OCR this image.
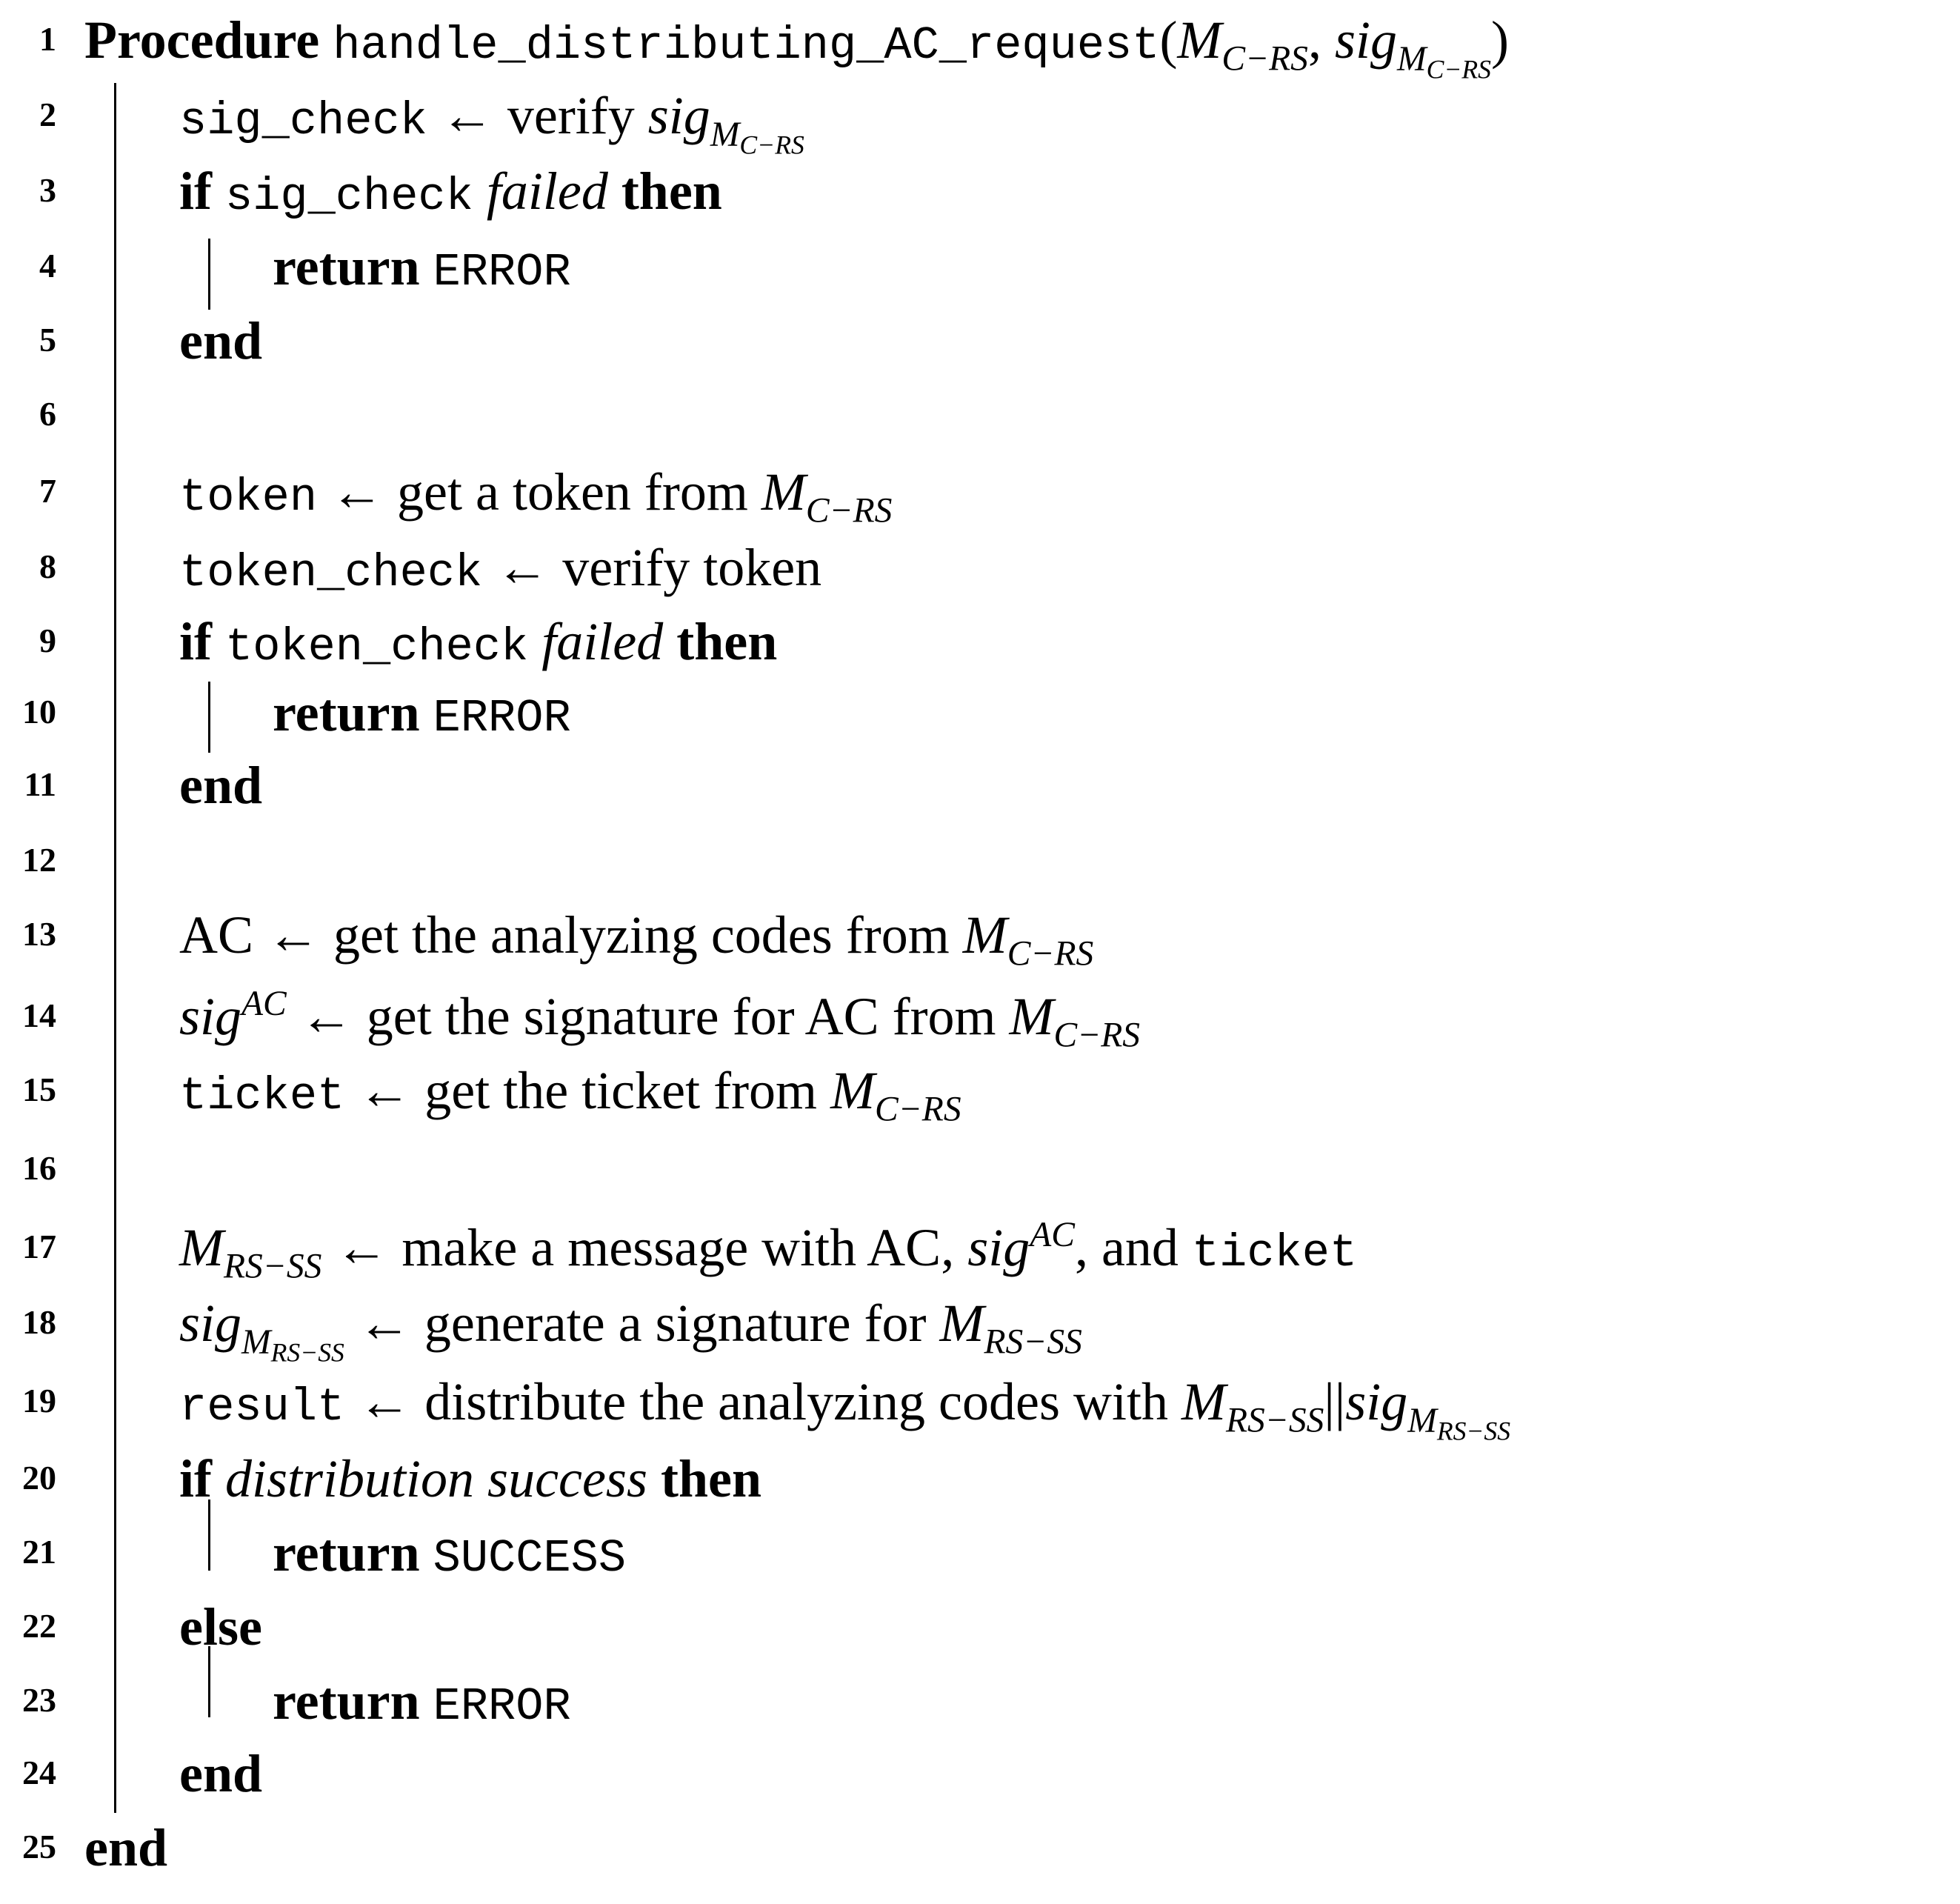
1 Procedure $handle\_distributing\_AC\_request(M_{C-RS}$, sig$_{M_{C-RS}}$)
2	sig_check ← verify sig$_{M_{C-RS}}$
3 if sig_check failed then
4	return ERROR
5 end
6
7	token ← get a token from $M_{C-RS}$
8	token_check ← verify token
9 if token_check failed then
10	return ERROR
11 end
12
13 AC ← get the analyzing codes from $M_{C-RS}$
14 sig$^{AC}$ ← get the signature for AC from $M_{C-RS}$
15	ticket ← get the ticket from $M_{C-RS}$
16
17 $M_{RS-SS}$ ← make a message with AC, sig$^{AC}$, and ticket
18 sig$_{M_{RS-SS}}$ ← generate a signature for $M_{RS-SS}$
19	result ← distribute the analyzing codes with $M_{RS-SS}||sig_{M_{RS-SS}}$
20 if distribution success then
21	return SUCCESS
22 else
23	return ERROR
24 end
25 end
